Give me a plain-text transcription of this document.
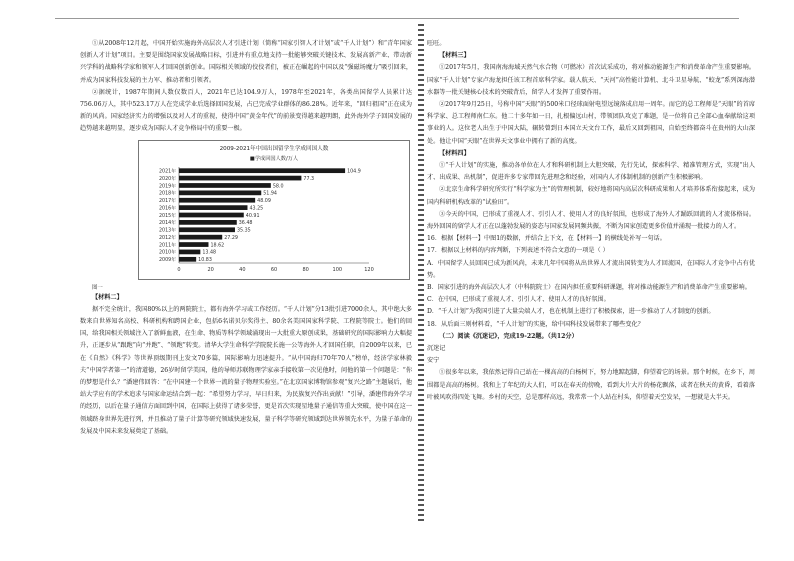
①从2008年12月起，中国开始实施海外高层次人才引进计划（简称“国家引智人才计划”或“千人计划”）和“青年国家创新人才计划”项目。主要是围绕国家发展战略目标，引进并有重点地支持一批能够突破关键技术、发展高新产业、带动新兴学科的战略科学家和领军人才回国创新创业。国际相关领域的佼佼者们，被正在崛起的中国以及“强磁场魔力”吸引回来，并成为国家科技发展的主力军、推动者和引领者。

②据统计，1987年期间人数仅数百人，2021年已达104.9万人，1978年至2021年，各类出国留学人员累计达756.06万人，其中523.17万人在完成学业后选择回国发展，占已完成学业群体的86.28%。近年来，“回归祖国”正在成为新的风尚。国家经济实力的增强以及对人才的重视，使得中国“黄金年代”的前景变得越来越明朗，此外海外学子回国发展的趋势越来越明显，逐步成为国际人才竞争格局中的重要一极。

2009-2021年中国出国留学生学成回国人数
■学成回国人数/万人
0	20	40	60	80	100	120
2021年	104.9
2020年	77.3
2019年	58.0
2018年	51.94
2017年	48.09
2016年	43.25
2015年	40.91
2014年	36.48
2013年	35.35
2012年	27.29
2011年	18.62
2010年	13.48
2009年	10.83

图一

【材料二】

据不完全统计，我国80%以上的两院院士，都有海外学习或工作经历。“千人计划”分13批引进7000余人，其中绝大多数来自世界知名高校、科研机构和跨国企业，包括6名诺贝尔奖得主、80余名美国国家科学院、工程院等院士。他们的回国，给我国相关领域注入了新鲜血液，在生命、物质等科学领域涌现出一大批重大原创成果，基础研究的国际影响力大幅提升，正逐步从“跟跑”向“并跑”、“领跑”转变。清华大学生命科学学院院长施一公等海外人才回国任职，自2009年以来，已在《自然》《科学》等世界顶级期刊上发文70多篇，国际影响力迅速提升。“从中国海归70年70人”榜单，经济学家林毅夫“中国学者第一”的清道德，26岁时留学美国，他的导师苏联物理学家亲手接收第一次见他时，问他的第一个问题是：“你的梦想是什么？”潘建伟回答：“在中国建一个世界一流的量子物理实验室。”在北京国家博物馆参观“复兴之路”主题展后，他站大学应有的学术追求与国家命运结合到一起：“希望努力学习，早日归来，为民族复兴作出贡献！”引导，潘建伟海外学习的经历，以后在量子通信方面回到中国，在国际上获得了诸多荣誉，更是首次实现星地量子通信等重大突破，使中国在这一领域跻身世界先进行列，并且推动了量子计算等研究领域快速发展，量子科学等研究领域到达世界领先水平，为量子革命的发展及中国未来发展奠定了基础。

旺旺。

【材料三】

①2017年5月，我国南海海域天然气水合物（可燃冰）首次试采成功，将对推动能源生产和消费革命产生重要影响。国家“千人计划”专家卢海龙担任该工程首席科学家。载人航天、“天河”高性能计算机、北斗卫星导航、“蛟龙”系列深海潜水器等一批关键核心技术的突破背后，留学人才发挥了重要作用。

②2017年9月25日，号称中国“天眼”的500米口径球面射电望远镜落成启用一周年。而它的总工程师是“天眼”的首席科学家、总工程师南仁东。他二十多年如一日，扎根偏远山村，带领团队攻克了难题，是一位将自己全部心血奉献给这项事业的人。这位老人出生于中国大陆，辗转曾到日本国立天文台工作，最后又回到祖国，自始至终都奋斗在贵州的大山深处。他让中国“天眼”在世界天文事业中拥有了新的高度。

【材料四】

①“千人计划”的实施，推动各单位在人才和科研机制上大胆突破，先行先试，探索科学、精准管理方式，实现“出人才、出成果、出机制”，促进许多专家带回先进理念和经验，对国内人才体制机制的创新产生积极影响。

②北京生命科学研究所实行“科学家为主”的管理机制，较好地将国内高层次科研成果和人才培养体系衔接起来，成为国内科研机构改革的“试验田”。

③今天的中国，已形成了重视人才、引引人才、使用人才的良好氛围，也形成了海外人才踊跃回流的人才流体格局。海外回国的留学人才正在以蓬勃发展的姿态与国家发展同频共振，不断为国家创造更多价值并涌现一批接力的人才。

16．根据【材料一】中图1的数据，并结合上下文，在【材料一】的横线处补写一句话。

17．根据以上材料的内容判断，下列表述不符合文意的一项是（ ）

A．中国留学人员回国已成为新风尚，未来几年中国将从出世界人才流出国转变为人才回流国，在国际人才竞争中占有优势。

B．国家引进的海外高层次人才（中科院院士）在国内担任重要科研课题，将对推动能源生产和消费革命产生重要影响。

C．在中国，已形成了重视人才、引引人才、使用人才的良好氛围。

D．“千人计划”为我国引进了大量尖端人才，也在机制上进行了积极探索，进一步推动了人才制度的创新。

18．从后面三则材料看，“千人计划”的实施，给中国科技发展带来了哪些变化？

（二）阅读《沉迷记》，完成19-22题。（共12分）

沉迷记

安宁

①很多年以来，我依然记得自己站在一棵高高的白杨树下，努力地踮起脚，仰望着它的场景。那个时候，在乡下，周围都是高高的杨树。我和上了年纪的大人们，可以在春天的傍晚，看到大片大片的杨花飘落，或者在秋天的黄昏，看着落叶被风吹得四处飞舞。乡村的天空，总是那样高远，我常常一个人站在村头，仰望着天空发呆，一想就是大半天。
